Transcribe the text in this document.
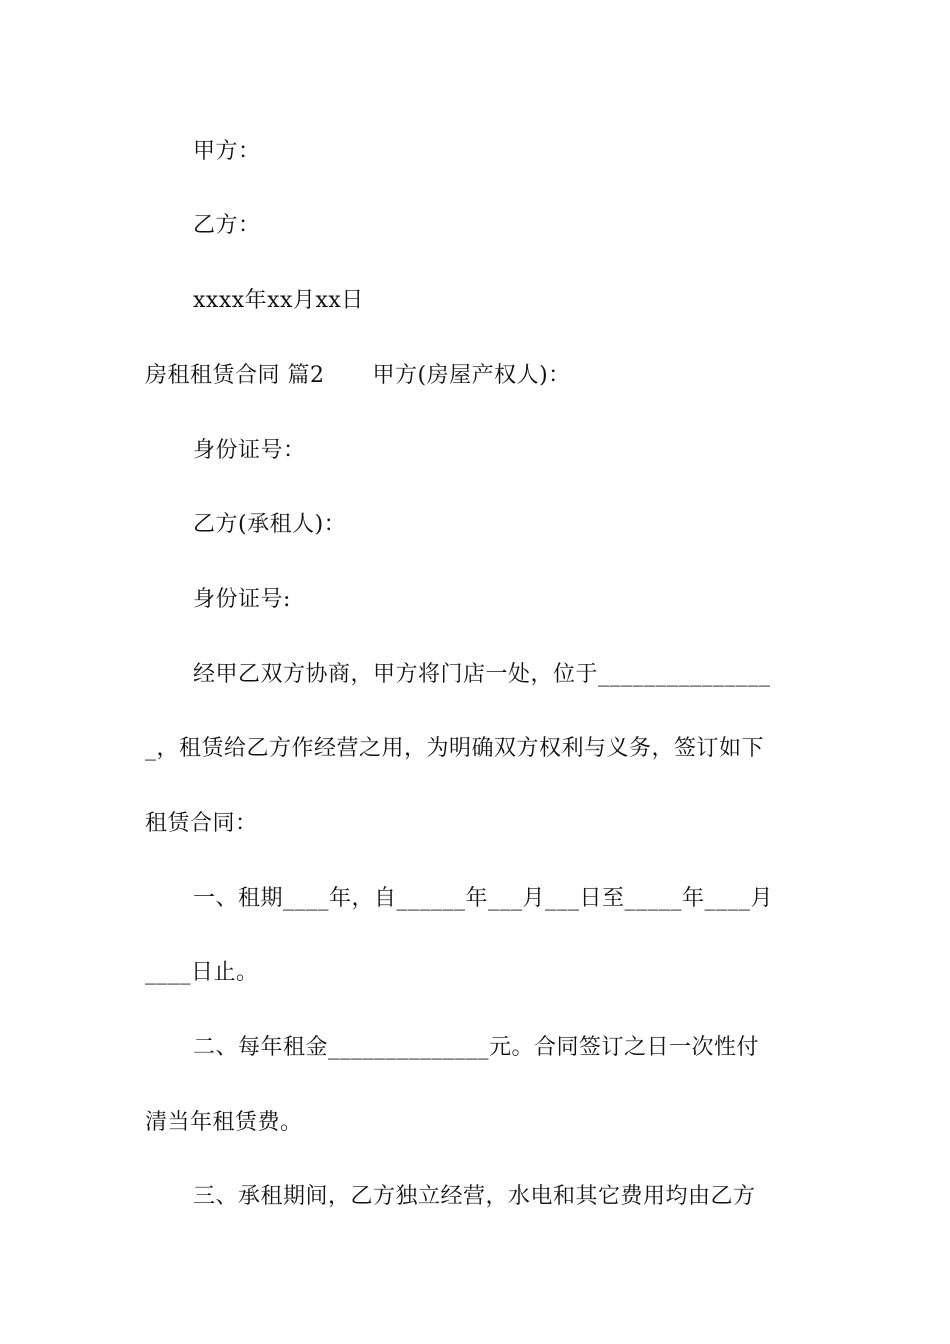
甲方：
乙方：
xxxx年xx月xx日
房租租赁合同 篇2 甲方(房屋产权人)：
身份证号：
乙方(承租人)：
身份证号:
经甲乙双方协商，甲方将门店一处，位于_______________
_，租赁给乙方作经营之用，为明确双方权利与义务，签订如下
租赁合同：
一、租期____年，自______年___月___日至_____年____月
____日止。
二、每年租金______________元。合同签订之日一次性付
清当年租赁费。
三、承租期间，乙方独立经营，水电和其它费用均由乙方
